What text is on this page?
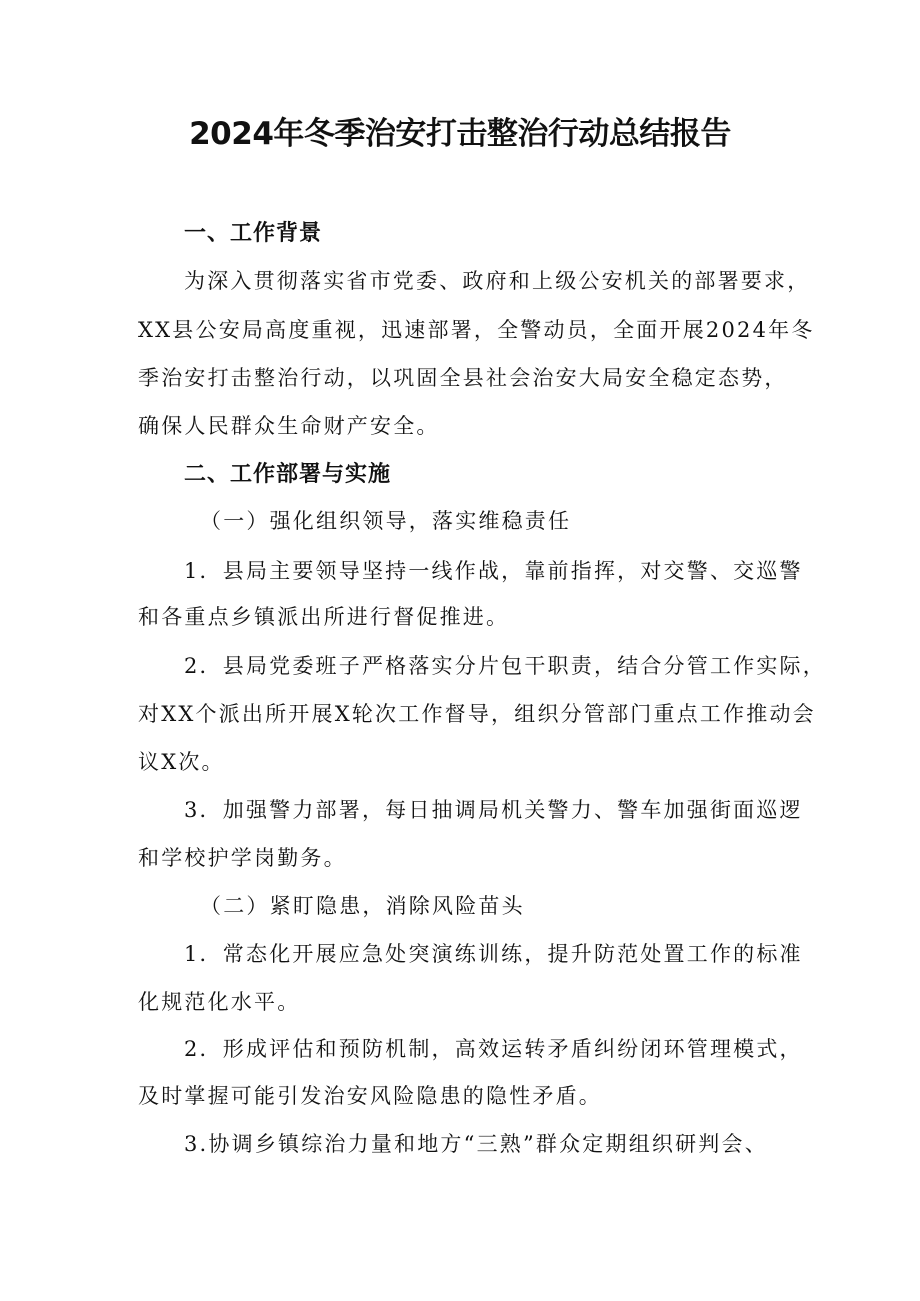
2024年冬季治安打击整治行动总结报告
一、工作背景
为深入贯彻落实省市党委、政府和上级公安机关的部署要求，
XX县公安局高度重视，迅速部署，全警动员，全面开展2024年冬
季治安打击整治行动，以巩固全县社会治安大局安全稳定态势，
确保人民群众生命财产安全。
二、工作部署与实施
（一）强化组织领导，落实维稳责任
1．县局主要领导坚持一线作战，靠前指挥，对交警、交巡警
和各重点乡镇派出所进行督促推进。
2．县局党委班子严格落实分片包干职责，结合分管工作实际，
对XX个派出所开展X轮次工作督导，组织分管部门重点工作推动会
议X次。
3．加强警力部署，每日抽调局机关警力、警车加强街面巡逻
和学校护学岗勤务。
（二）紧盯隐患，消除风险苗头
1．常态化开展应急处突演练训练，提升防范处置工作的标准
化规范化水平。
2．形成评估和预防机制，高效运转矛盾纠纷闭环管理模式，
及时掌握可能引发治安风险隐患的隐性矛盾。
3.协调乡镇综治力量和地方“三熟”群众定期组织研判会、
